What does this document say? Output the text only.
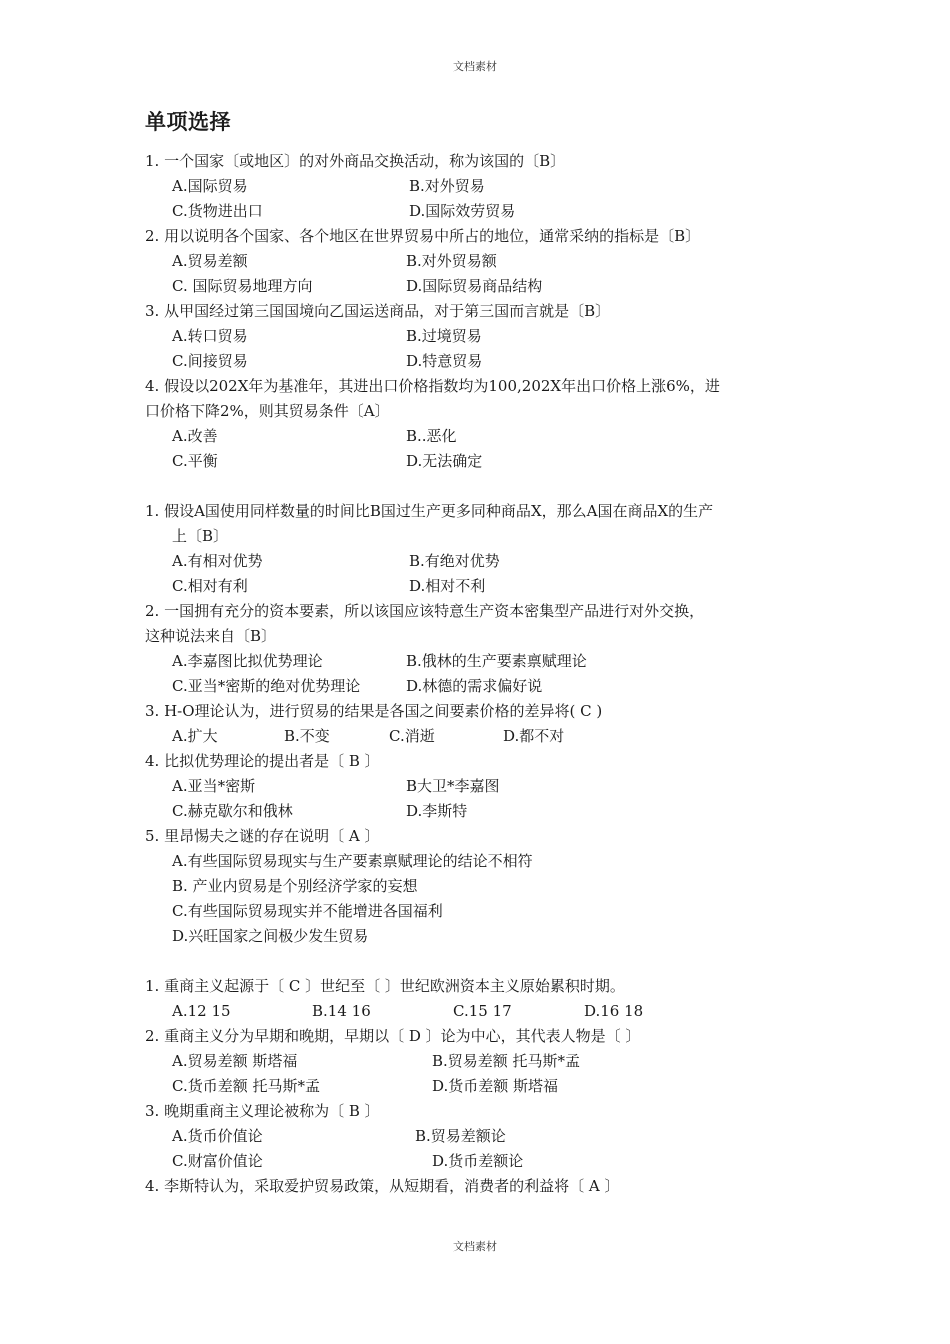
文档素材
单项选择
1. 一个国家〔或地区〕的对外商品交换活动，称为该国的〔B〕
A.国际贸易	B.对外贸易
C.货物进出口	D.国际效劳贸易
2. 用以说明各个国家、各个地区在世界贸易中所占的地位，通常采纳的指标是〔B〕
A.贸易差额	B.对外贸易额
C. 国际贸易地理方向	D.国际贸易商品结构
3. 从甲国经过第三国国境向乙国运送商品，对于第三国而言就是〔B〕
A.转口贸易	B.过境贸易
C.间接贸易	D.特意贸易
4. 假设以202X年为基准年，其进出口价格指数均为100,202X年出口价格上涨6%，进
口价格下降2%，则其贸易条件〔A〕
A.改善	B..恶化
C.平衡	D.无法确定
1. 假设A国使用同样数量的时间比B国过生产更多同种商品X，那么A国在商品X的生产
上〔B〕
A.有相对优势	B.有绝对优势
C.相对有利	D.相对不利
2. 一国拥有充分的资本要素，所以该国应该特意生产资本密集型产品进行对外交换，
这种说法来自〔B〕
A.李嘉图比拟优势理论	B.俄林的生产要素禀赋理论
C.亚当*密斯的绝对优势理论	D.林德的需求偏好说
3. H-O理论认为，进行贸易的结果是各国之间要素价格的差异将( C )
A.扩大	B.不变	C.消逝	D.都不对
4. 比拟优势理论的提出者是〔 B 〕
A.亚当*密斯	B大卫*李嘉图
C.赫克歇尔和俄林	D.李斯特
5. 里昂惕夫之谜的存在说明〔 A 〕
A.有些国际贸易现实与生产要素禀赋理论的结论不相符
B. 产业内贸易是个别经济学家的妄想
C.有些国际贸易现实并不能增进各国福利
D.兴旺国家之间极少发生贸易
1. 重商主义起源于〔 C 〕世纪至〔 〕世纪欧洲资本主义原始累积时期。
A.12 15	B.14 16	C.15 17	D.16 18
2. 重商主义分为早期和晚期，早期以〔 D 〕论为中心，其代表人物是〔 〕
A.贸易差额 斯塔福	B.贸易差额 托马斯*孟
C.货币差额 托马斯*孟	D.货币差额 斯塔福
3. 晚期重商主义理论被称为〔 B 〕
A.货币价值论	B.贸易差额论
C.财富价值论	D.货币差额论
4. 李斯特认为，采取爱护贸易政策，从短期看，消费者的利益将〔 A 〕
文档素材
